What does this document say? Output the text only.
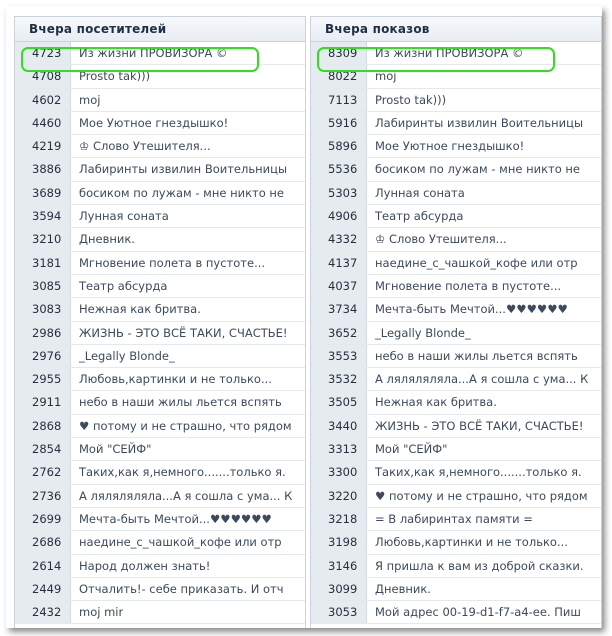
Вчера посетителей
4723	Из жизни ПРОВИЗОРА ©
4708	Prosto tak)))
4602	moj
4460	Мое Уютное гнездышко!
4219	♔ Слово Утешителя...
3886	Лабиринты извилин Воительницы
3689	босиком по лужам - мне никто не
3594	Лунная соната
3210	Дневник.
3181	Мгновение полета в пустоте...
3085	Театр абсурда
3083	Нежная как бритва.
2986	ЖИЗНЬ - ЭТО ВСЁ ТАКИ, СЧАСТЬЕ!
2976	_Legally Blonde_
2955	Любовь,картинки и не только...
2911	небо в наши жилы льется вспять
2868	♥ потому и не страшно, что рядом
2854	Мой "СЕЙФ"
2762	Таких,как я,немного.......только я.
2736	А ляляляляла...А я сошла с ума... К
2699	Мечта-быть Мечтой...♥♥♥♥♥♥
2686	наедине_с_чашкой_кофе или отр
2614	Народ должен знать!
2449	Отчалить!- себе приказать. И отч
2432	moj mir
Вчера показов
8309	Из жизни ПРОВИЗОРА ©
8022	moj
7113	Prosto tak)))
5916	Лабиринты извилин Воительницы
5896	Мое Уютное гнездышко!
5536	босиком по лужам - мне никто не
5303	Лунная соната
4906	Театр абсурда
4332	♔ Слово Утешителя...
4137	наедине_с_чашкой_кофе или отр
4037	Мгновение полета в пустоте...
3734	Мечта-быть Мечтой...♥♥♥♥♥♥
3652	_Legally Blonde_
3553	небо в наши жилы льется вспять
3532	А ляляляляла...А я сошла с ума... К
3505	Нежная как бритва.
3440	ЖИЗНЬ - ЭТО ВСЁ ТАКИ, СЧАСТЬЕ!
3313	Мой "СЕЙФ"
3300	Таких,как я,немного.......только я.
3220	♥ потому и не страшно, что рядом
3218	= В лабиринтах памяти =
3198	Любовь,картинки и не только...
3146	Я пришла к вам из доброй сказки.
3099	Дневник.
3053	Мой адрес 00-19-d1-f7-a4-ee. Пиш
